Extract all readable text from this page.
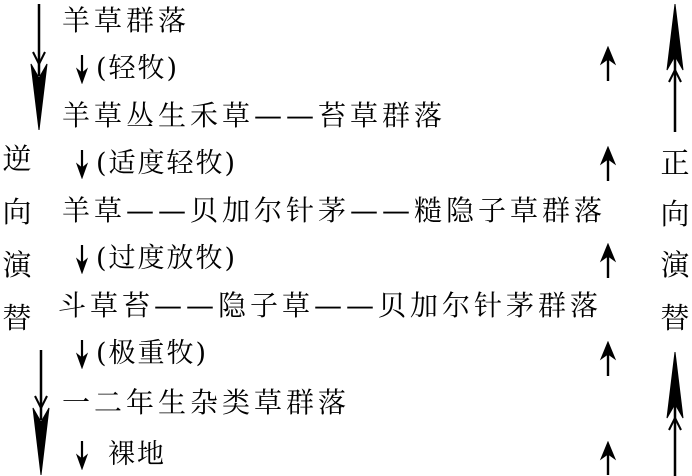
逆
向
演
替
羊草群落
(轻牧)
羊草丛生禾草——苔草群落
(适度轻牧)
羊草——贝加尔针茅——糙隐子草群落
(过度放牧)
斗草苔——隐子草——贝加尔针茅群落
(极重牧)
一二年生杂类草群落
裸地
正
向
演
替
